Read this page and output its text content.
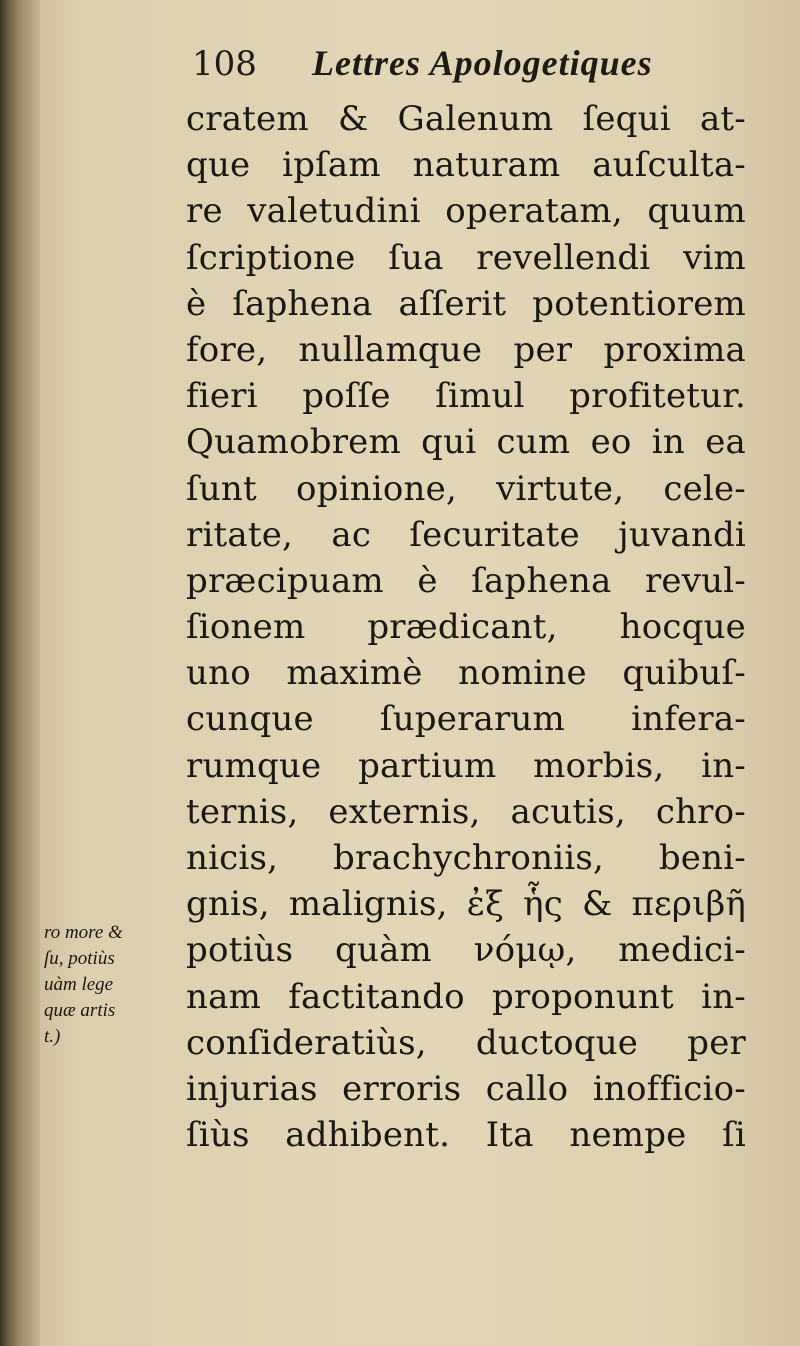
108 Lettres Apologetiques
ro more &
ſu, potiùs
uàm lege
quæ artis
t.)
cratem & Galenum ſequi at-
que ipſam naturam auſculta-
re valetudini operatam, quum
ſcriptione ſua revellendi vim
è ſaphena aſſerit potentiorem
fore, nullamque per proxima
fieri poſſe ſimul profitetur.
Quamobrem qui cum eo in ea
ſunt opinione, virtute, cele-
ritate, ac ſecuritate juvandi
præcipuam è ſaphena revul-
ſionem prædicant, hocque
uno maximè nomine quibuſ-
cunque ſuperarum inferа-
rumque partium morbis, in-
ternis, externis, acutis, chro-
nicis, brachychroniis, beni-
gnis, malignis, ἐξ ἧς & περιβῆ
potiùs quàm νόμῳ, medici-
nam factitando proponunt in-
conſideratiùs, ductoque per
injurias erroris callo inofficio-
ſiùs adhibent. Ita nempe ſi
